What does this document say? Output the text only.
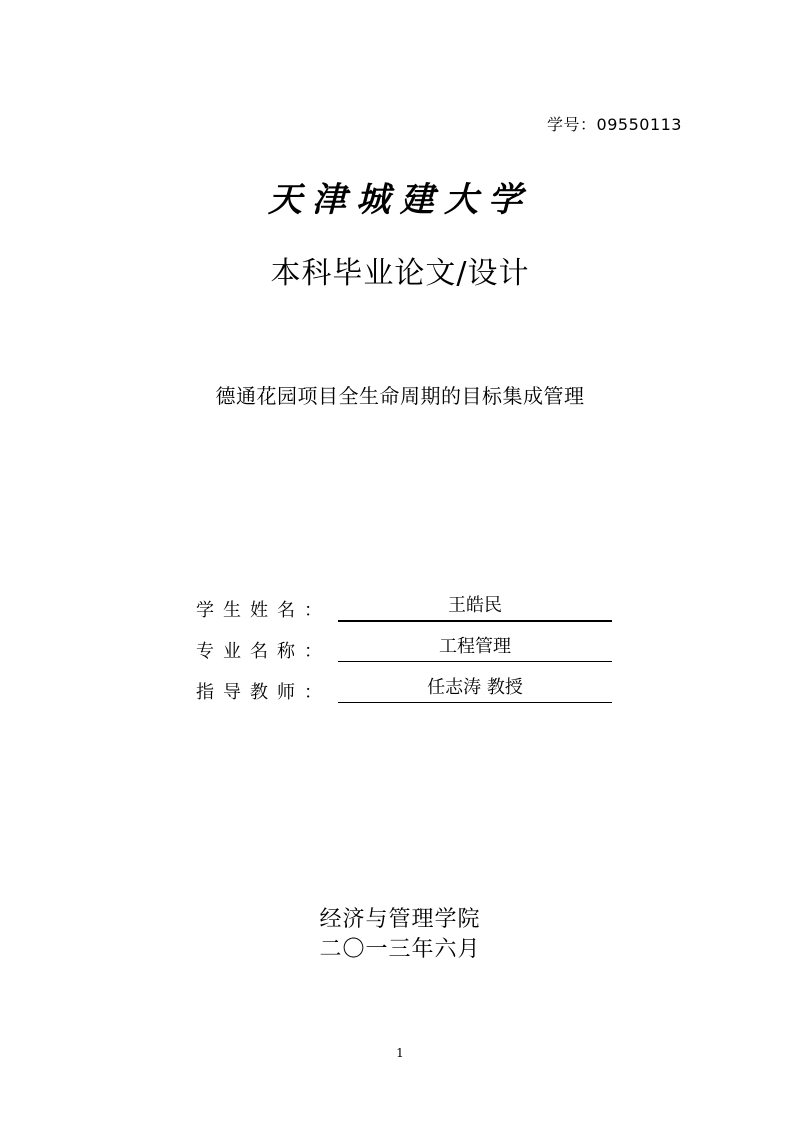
学号：09550113
天津城建大学
本科毕业论文/设计
德通花园项目全生命周期的目标集成管理
学生姓名：	王皓民
专业名称：	工程管理
指导教师：	任志涛 教授
经济与管理学院
二〇一三年六月
1
